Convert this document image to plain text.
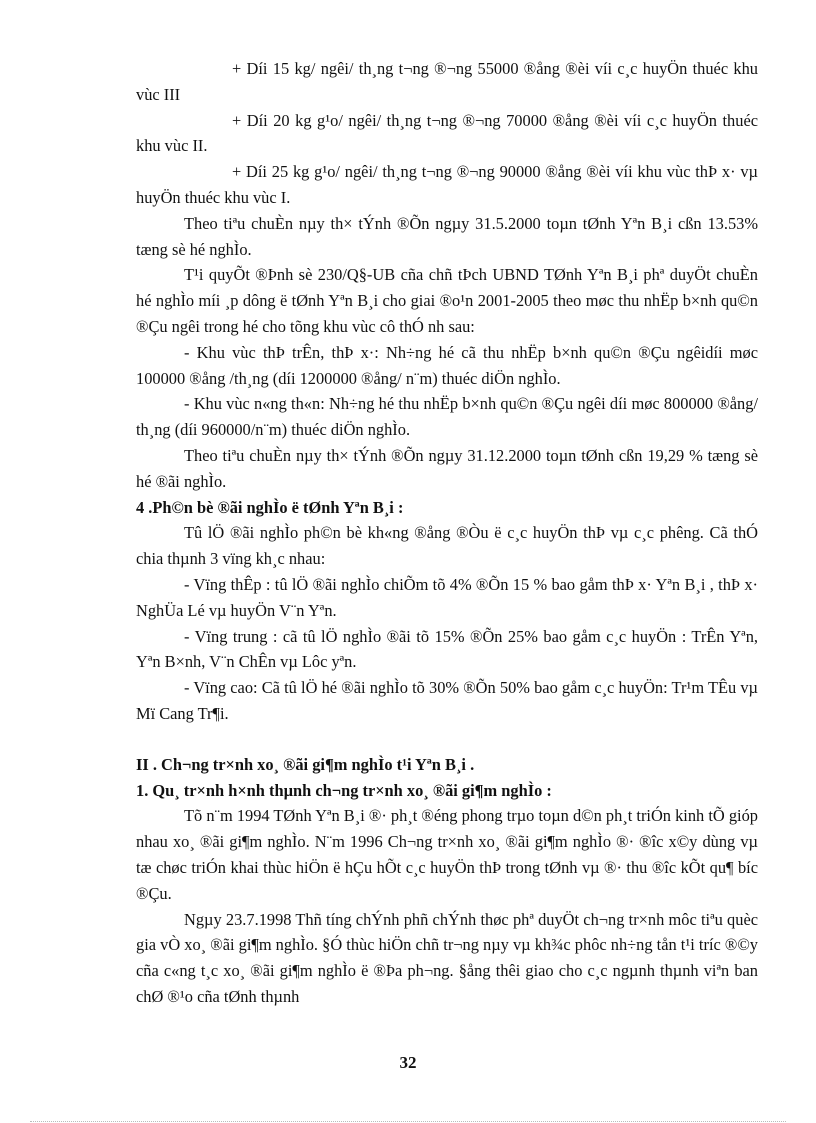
+ Díi 15 kg/ ngêi/ th¸ng t¬ng ®¬ng 55000 ®ång ®èi víi c¸c huyÖn thuéc khu vùc III

+ Díi 20 kg g¹o/ ngêi/ th¸ng t¬ng ®¬ng 70000 ®ång ®èi víi c¸c huyÖn thuéc khu vùc II.

+ Díi 25 kg g¹o/ ngêi/ th¸ng t¬ng ®¬ng 90000 ®ång ®èi víi khu vùc thÞ x· vµ huyÖn thuéc khu vùc I.

Theo tiªu chuÈn nµy th× tÝnh ®Õn ngµy 31.5.2000 toµn tØnh Yªn B¸i cßn 13.53% tæng sè hé nghÌo.

T¹i quyÕt ®Þnh sè 230/Q§-UB cña chñ tÞch UBND TØnh Yªn B¸i phª duyÖt chuÈn hé nghÌo míi ¸p dông ë tØnh Yªn B¸i cho giai ®o¹n 2001-2005 theo møc thu nhËp b×nh qu©n ®Çu ngêi trong hé cho tõng khu vùc cô thÓ nh sau:

- Khu vùc thÞ trÊn, thÞ x·: Nh÷ng hé cã thu nhËp b×nh qu©n ®Çu ngêidíi møc 100000 ®ång /th¸ng (díi 1200000 ®ång/ n¨m) thuéc diÖn nghÌo.

- Khu vùc n«ng th«n: Nh÷ng hé thu nhËp b×nh qu©n ®Çu ngêi díi møc 800000 ®ång/ th¸ng (díi 960000/n¨m) thuéc diÖn nghÌo.

Theo tiªu chuÈn nµy th× tÝnh ®Õn ngµy 31.12.2000 toµn tØnh cßn 19,29 % tæng sè hé ®ãi nghÌo.

4 .Ph©n bè ®ãi nghÌo ë tØnh Yªn B¸i :

Tû lÖ ®ãi nghÌo ph©n bè kh«ng ®ång ®Òu ë c¸c huyÖn thÞ vµ c¸c phêng. Cã thÓ chia thµnh 3 vïng kh¸c nhau:

- Vïng thÊp : tû lÖ ®ãi nghÌo chiÕm tõ 4% ®Õn 15 % bao gåm thÞ x· Yªn B¸i , thÞ x· NghÜa Lé vµ huyÖn V¨n Yªn.

- Vïng trung : cã tû lÖ nghÌo ®ãi tõ 15% ®Õn 25% bao gåm c¸c huyÖn : TrÊn Yªn, Yªn B×nh, V¨n ChÊn vµ Lôc yªn.

- Vïng cao: Cã tû lÖ hé ®ãi nghÌo tõ 30% ®Õn 50% bao gåm c¸c huyÖn: Tr¹m TÊu vµ Mï Cang Tr¶i.

II . Ch¬ng tr×nh xo¸ ®ãi gi¶m nghÌo t¹i Yªn B¸i .

1. Qu¸ tr×nh h×nh thµnh ch¬ng tr×nh xo¸ ®ãi gi¶m nghÌo :

Tõ n¨m 1994 TØnh Yªn B¸i ®· ph¸t ®éng phong trµo toµn d©n ph¸t triÓn kinh tÕ gióp nhau xo¸ ®ãi gi¶m nghÌo. N¨m 1996 Ch¬ng tr×nh xo¸ ®ãi gi¶m nghÌo ®· ®îc x©y dùng vµ tæ chøc triÓn khai thùc hiÖn ë hÇu hÕt c¸c huyÖn thÞ trong tØnh vµ ®· thu ®îc kÕt qu¶ bíc ®Çu.

Ngµy 23.7.1998 Thñ tíng chÝnh phñ chÝnh thøc phª duyÖt ch¬ng tr×nh môc tiªu quèc gia vÒ xo¸ ®ãi gi¶m nghÌo. §Ó thùc hiÖn chñ tr¬ng nµy vµ kh¾c phôc nh÷ng tån t¹i tríc ®©y cña c«ng t¸c xo¸ ®ãi gi¶m nghÌo ë ®Þa ph¬ng. §ång thêi giao cho c¸c ngµnh thµnh viªn ban chØ ®¹o cña tØnh thµnh

32
